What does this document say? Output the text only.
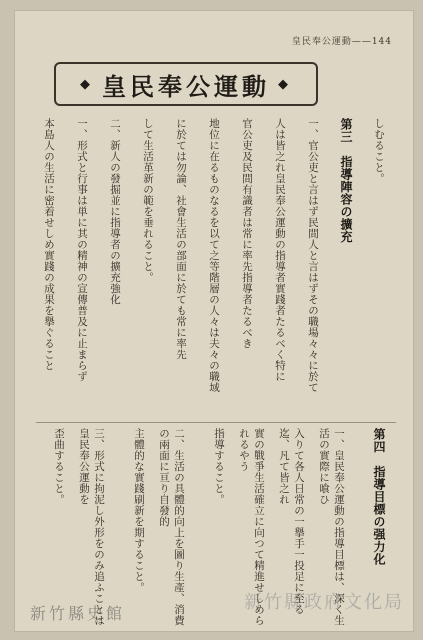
皇民奉公運動——144
◆ 皇民奉公運動 ◆
しむること。
第三　指導陣容の擴充
一、官公吏と言はず民間人と言はずその職場々々に於て
人は皆之れ皇民奉公運動の指導者實踐者たるべく特に
官公吏及民間有識者は常に率先指導者たるべき
地位に在るものなるを以て之等階層の人々は夫々の職域
に於ては勿論、社會生活の部面に於ても常に率先
して生活革新の範を垂れること。
二、新人の發掘並に指導者の擴充強化
一、形式と行事は単に其の精神の宣傳普及に止まらず
本島人の生活に密着せしめ實踐の成果を擧ぐること
第四　指導目標の强力化
一、皇民奉公運動の指導目標は、深く生活の實際に喰ひ
入りて各人日常の一擧手一投足に至る迄、凡て皆之れ
實の戰爭生活確立に向つて精進せしめられるやう
指導すること。
二、生活の具體的向上を圖り生產、消費の兩面に亘り自發的
主體的な實踐刷新を期すること。
三、形式に拘泥し外形をのみ追ふことは皇民奉公運動を
歪曲すること。
新竹縣政府文化局
新竹縣史館
